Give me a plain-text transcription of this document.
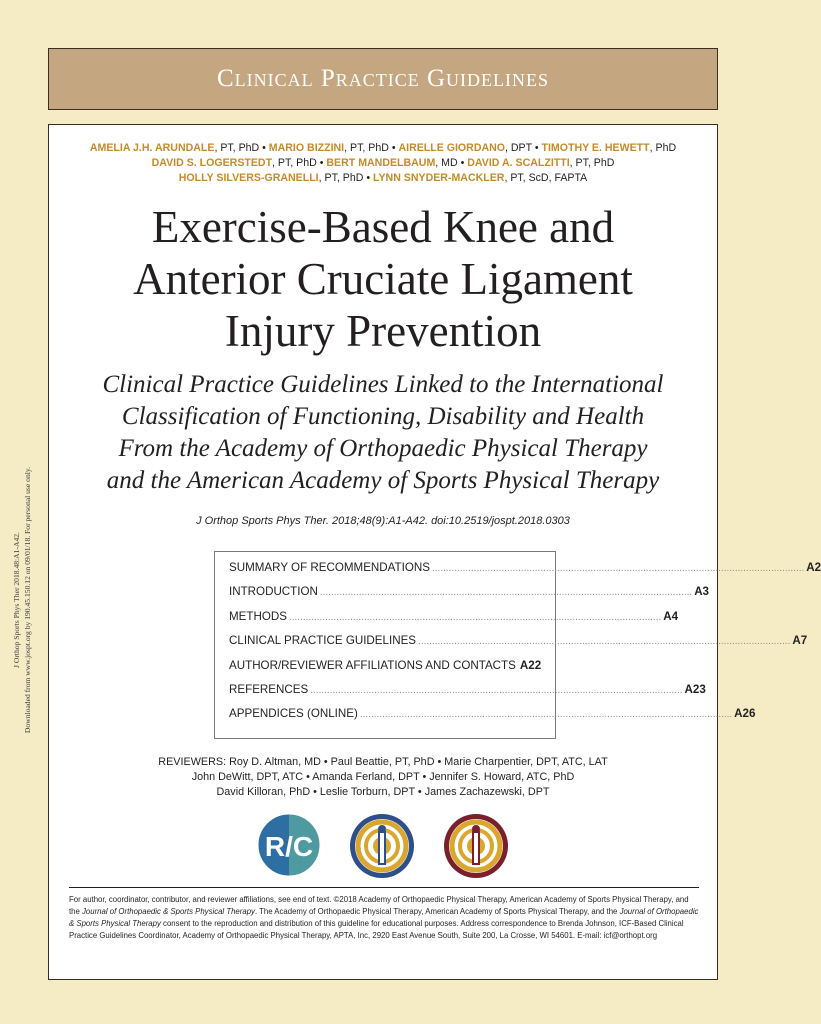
Clinical Practice Guidelines
J Orthop Sports Phys Ther 2018.48:A1-A42. Downloaded from www.jospt.org by 190.45.150.12 on 09/01/18. For personal use only.
AMELIA J.H. ARUNDALE, PT, PhD • MARIO BIZZINI, PT, PhD • AIRELLE GIORDANO, DPT • TIMOTHY E. HEWETT, PhD
DAVID S. LOGERSTEDT, PT, PhD • BERT MANDELBAUM, MD • DAVID A. SCALZITTI, PT, PhD
HOLLY SILVERS-GRANELLI, PT, PhD • LYNN SNYDER-MACKLER, PT, ScD, FAPTA
Exercise-Based Knee and
Anterior Cruciate Ligament
Injury Prevention
Clinical Practice Guidelines Linked to the International
Classification of Functioning, Disability and Health
From the Academy of Orthopaedic Physical Therapy
and the American Academy of Sports Physical Therapy
J Orthop Sports Phys Ther. 2018;48(9):A1-A42. doi:10.2519/jospt.2018.0303
SUMMARY OF RECOMMENDATIONS ...................................................................................................................................... A2
INTRODUCTION ...................................................................................................................................... A3
METHODS ...................................................................................................................................... A4
CLINICAL PRACTICE GUIDELINES ...................................................................................................................................... A7
AUTHOR/REVIEWER AFFILIATIONS AND CONTACTS A22
REFERENCES ...................................................................................................................................... A23
APPENDICES (ONLINE) ...................................................................................................................................... A26
REVIEWERS: Roy D. Altman, MD • Paul Beattie, PT, PhD • Marie Charpentier, DPT, ATC, LAT
John DeWitt, DPT, ATC • Amanda Ferland, DPT • Jennifer S. Howard, ATC, PhD
David Killoran, PhD • Leslie Torburn, DPT • James Zachazewski, DPT
R/C
For author, coordinator, contributor, and reviewer affiliations, see end of text. ©2018 Academy of Orthopaedic Physical Therapy, American Academy of Sports Physical Therapy, and the Journal of Orthopaedic & Sports Physical Therapy. The Academy of Orthopaedic Physical Therapy, American Academy of Sports Physical Therapy, and the Journal of Orthopaedic & Sports Physical Therapy consent to the reproduction and distribution of this guideline for educational purposes. Address correspondence to Brenda Johnson, ICF-Based Clinical Practice Guidelines Coordinator, Academy of Orthopaedic Physical Therapy, APTA, Inc, 2920 East Avenue South, Suite 200, La Crosse, WI 54601. E-mail: icf@orthopt.org
